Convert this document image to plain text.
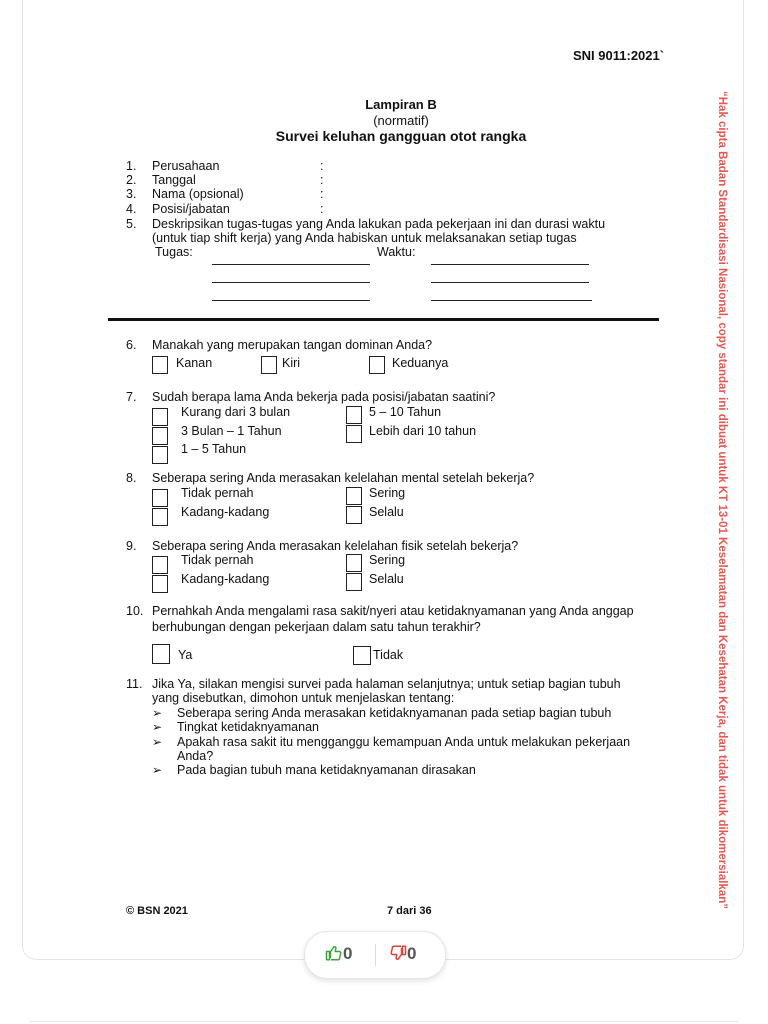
SNI 9011:2021`
Lampiran B
(normatif)
Survei keluhan gangguan otot rangka
1. Perusahaan	:
2. Tanggal	:
3. Nama (opsional)	:
4. Posisi/jabatan	:
5. Deskripsikan tugas-tugas yang Anda lakukan pada pekerjaan ini dan durasi waktu
(untuk tiap shift kerja) yang Anda habiskan untuk melaksanakan setiap tugas
Tugas:	Waktu:
6. Manakah yang merupakan tangan dominan Anda?
Kanan	Kiri	Keduanya
7. Sudah berapa lama Anda bekerja pada posisi/jabatan saatini?
Kurang dari 3 bulan
3 Bulan – 1 Tahun
1 – 5 Tahun
5 – 10 Tahun
Lebih dari 10 tahun
8. Seberapa sering Anda merasakan kelelahan mental setelah bekerja?
Tidak pernah
Kadang-kadang
Sering
Selalu
9. Seberapa sering Anda merasakan kelelahan fisik setelah bekerja?
Tidak pernah
Kadang-kadang
Sering
Selalu
10. Pernahkah Anda mengalami rasa sakit/nyeri atau ketidaknyamanan yang Anda anggap
berhubungan dengan pekerjaan dalam satu tahun terakhir?
Ya	Tidak
11. Jika Ya, silakan mengisi survei pada halaman selanjutnya; untuk setiap bagian tubuh
yang disebutkan, dimohon untuk menjelaskan tentang:
➢ Seberapa sering Anda merasakan ketidaknyamanan pada setiap bagian tubuh
➢ Tingkat ketidaknyamanan
➢ Apakah rasa sakit itu mengganggu kemampuan Anda untuk melakukan pekerjaan
Anda?
➢ Pada bagian tubuh mana ketidaknyamanan dirasakan
© BSN 2021	7 dari 36
“Hak cipta Badan Standardisasi Nasional, copy standar ini dibuat untuk KT 13-01 Keselamatan dan Kesehatan Kerja, dan tidak untuk dikomersialkan”
0	0
